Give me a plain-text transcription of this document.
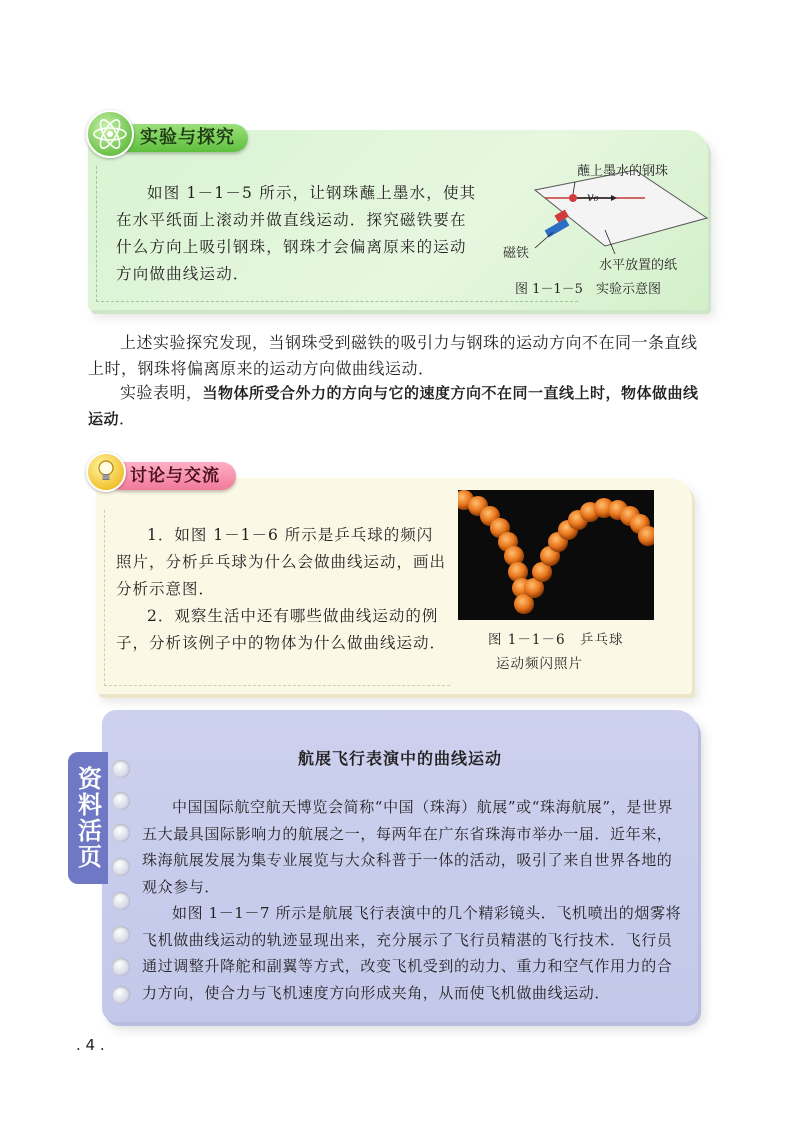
实验与探究
如图 1－1－5 所示，让钢珠蘸上墨水，使其在水平纸面上滚动并做直线运动．探究磁铁要在什么方向上吸引钢珠，钢珠才会偏离原来的运动方向做曲线运动．
蘸上墨水的钢珠
v₀
磁铁
水平放置的纸
图 1－1－5　实验示意图
上述实验探究发现，当钢珠受到磁铁的吸引力与钢珠的运动方向不在同一条直线上时，钢珠将偏离原来的运动方向做曲线运动．
实验表明，当物体所受合外力的方向与它的速度方向不在同一直线上时，物体做曲线运动．
讨论与交流
1．如图 1－1－6 所示是乒乓球的频闪照片，分析乒乓球为什么会做曲线运动，画出分析示意图．
2．观察生活中还有哪些做曲线运动的例子，分析该例子中的物体为什么做曲线运动．	图 1－1－6　乒乓球
运动频闪照片
资料活页
航展飞行表演中的曲线运动
中国国际航空航天博览会简称“中国（珠海）航展”或“珠海航展”，是世界五大最具国际影响力的航展之一，每两年在广东省珠海市举办一届．近年来，珠海航展发展为集专业展览与大众科普于一体的活动，吸引了来自世界各地的观众参与．
如图 1－1－7 所示是航展飞行表演中的几个精彩镜头．飞机喷出的烟雾将飞机做曲线运动的轨迹显现出来，充分展示了飞行员精湛的飞行技术．飞行员通过调整升降舵和副翼等方式，改变飞机受到的动力、重力和空气作用力的合力方向，使合力与飞机速度方向形成夹角，从而使飞机做曲线运动．
. 4 .
